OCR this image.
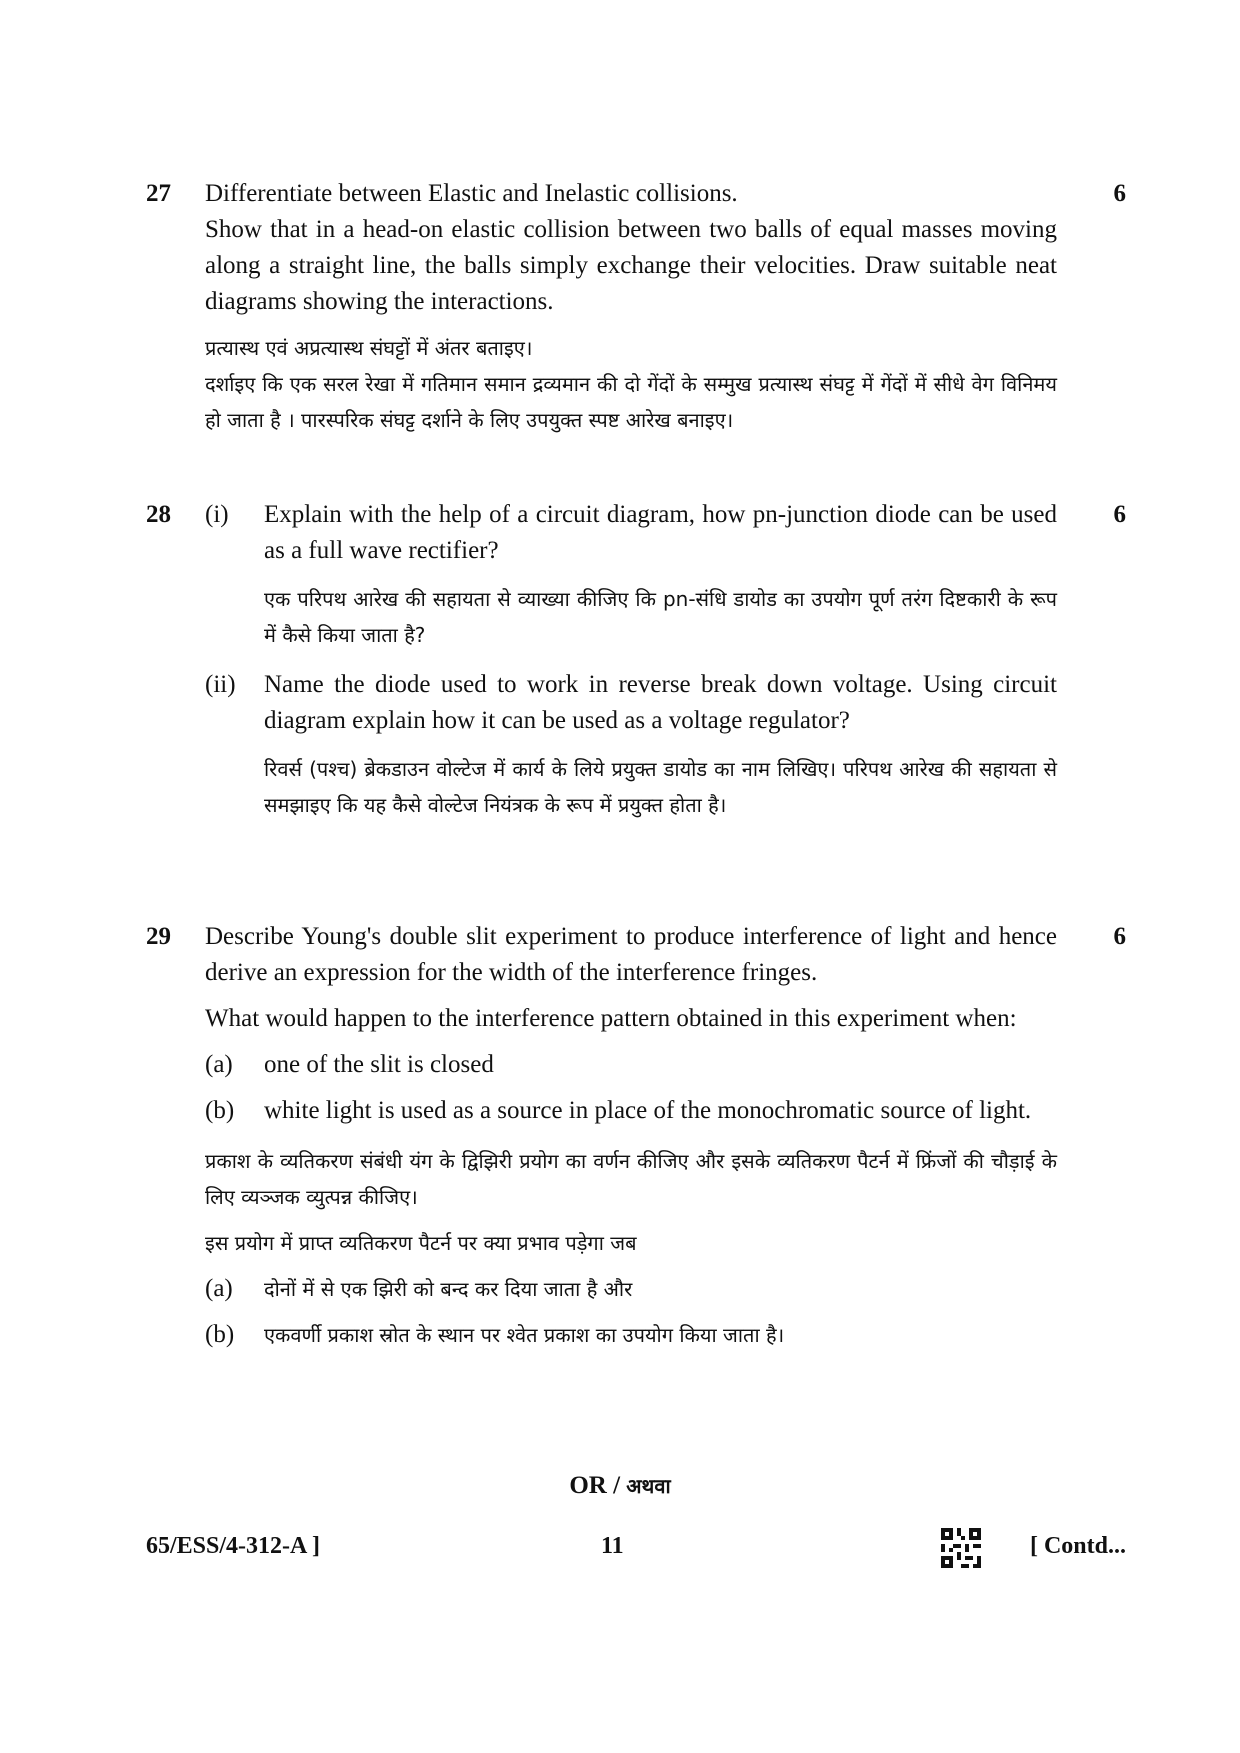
27	6

Differentiate between Elastic and Inelastic collisions.

Show that in a head-on elastic collision between two balls of equal masses moving along a straight line, the balls simply exchange their velocities. Draw suitable neat diagrams showing the interactions.

प्रत्यास्थ एवं अप्रत्यास्थ संघट्टों में अंतर बताइए।

दर्शाइए कि एक सरल रेखा में गतिमान समान द्रव्यमान की दो गेंदों के सम्मुख प्रत्यास्थ संघट्ट में गेंदों में सीधे वेग विनिमय हो जाता है । पारस्परिक संघट्ट दर्शाने के लिए उपयुक्त स्पष्ट आरेख बनाइए।

28	6
(i) Explain with the help of a circuit diagram, how pn-junction diode can be used as a full wave rectifier?

एक परिपथ आरेख की सहायता से व्याख्या कीजिए कि pn-संधि डायोड का उपयोग पूर्ण तरंग दिष्टकारी के रूप में कैसे किया जाता है?

(ii) Name the diode used to work in reverse break down voltage. Using circuit diagram explain how it can be used as a voltage regulator?

रिवर्स (पश्च) ब्रेकडाउन वोल्टेज में कार्य के लिये प्रयुक्त डायोड का नाम लिखिए। परिपथ आरेख की सहायता से समझाइए कि यह कैसे वोल्टेज नियंत्रक के रूप में प्रयुक्त होता है।

29	6

Describe Young's double slit experiment to produce interference of light and hence derive an expression for the width of the interference fringes.

What would happen to the interference pattern obtained in this experiment when:

(a) one of the slit is closed

(b) white light is used as a source in place of the monochromatic source of light.

प्रकाश के व्यतिकरण संबंधी यंग के द्विझिरी प्रयोग का वर्णन कीजिए और इसके व्यतिकरण पैटर्न में फ्रिंजों की चौड़ाई के लिए व्यञ्जक व्युत्पन्न कीजिए।

इस प्रयोग में प्राप्त व्यतिकरण पैटर्न पर क्या प्रभाव पड़ेगा जब

(a) दोनों में से एक झिरी को बन्द कर दिया जाता है और

(b) एकवर्णी प्रकाश स्रोत के स्थान पर श्वेत प्रकाश का उपयोग किया जाता है।

OR / अथवा
65/ESS/4-312-A ]	11	[ Contd...
